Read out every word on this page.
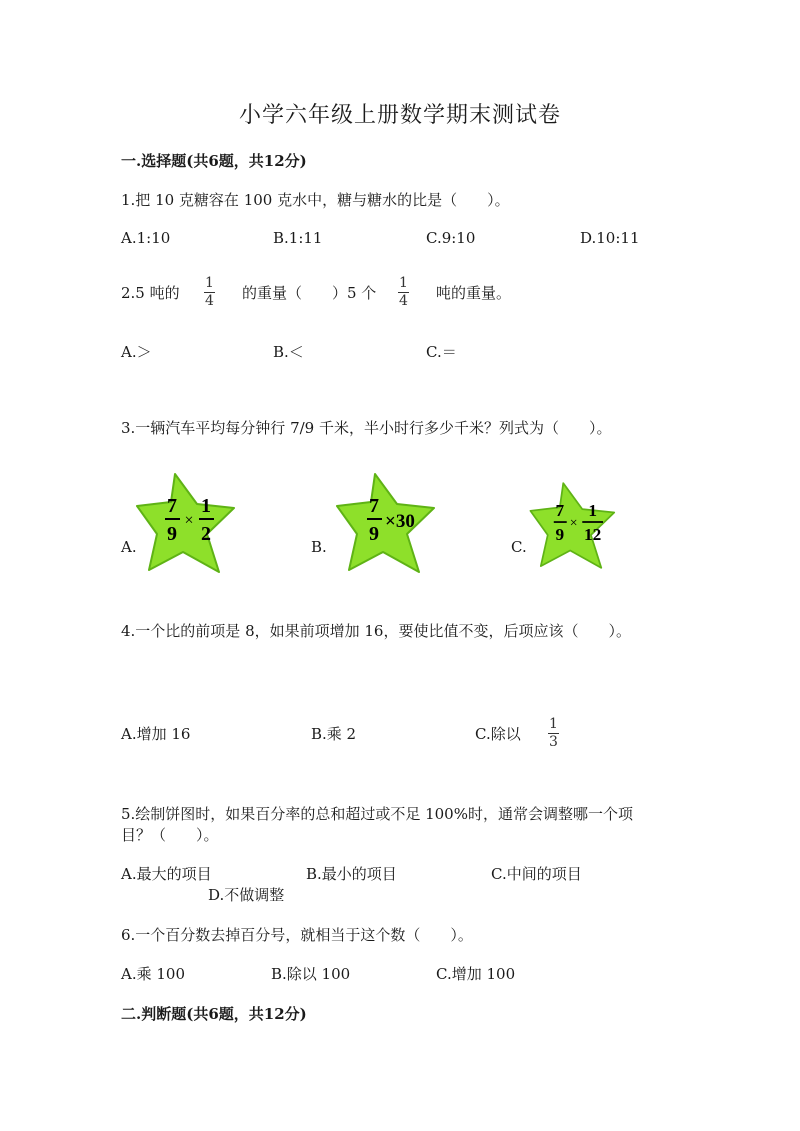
小学六年级上册数学期末测试卷
一.选择题(共6题，共12分)
1.把 10 克糖容在 100 克水中，糖与糖水的比是（　　）。
A.1:10	B.1:11	C.9:10	D.10:11
2.5 吨的
1
4 的重量（　　）5 个
1
4 吨的重量。
A.＞	B.＜	C.＝
3.一辆汽车平均每分钟行 7/9 千米，半小时行多少千米？列式为（　　）。
A.
7
9
×
1
2
B.
7
9
×30
C.
7
9
×
1
12
4.一个比的前项是 8，如果前项增加 16，要使比值不变，后项应该（　　）。
A.增加 16	B.乘 2	C.除以
1
3
5.绘制饼图时，如果百分率的总和超过或不足 100%时，通常会调整哪一个项
目？（　　）。
A.最大的项目	B.最小的项目	C.中间的项目
D.不做调整
6.一个百分数去掉百分号，就相当于这个数（　　）。
A.乘 100	B.除以 100	C.增加 100
二.判断题(共6题，共12分)
